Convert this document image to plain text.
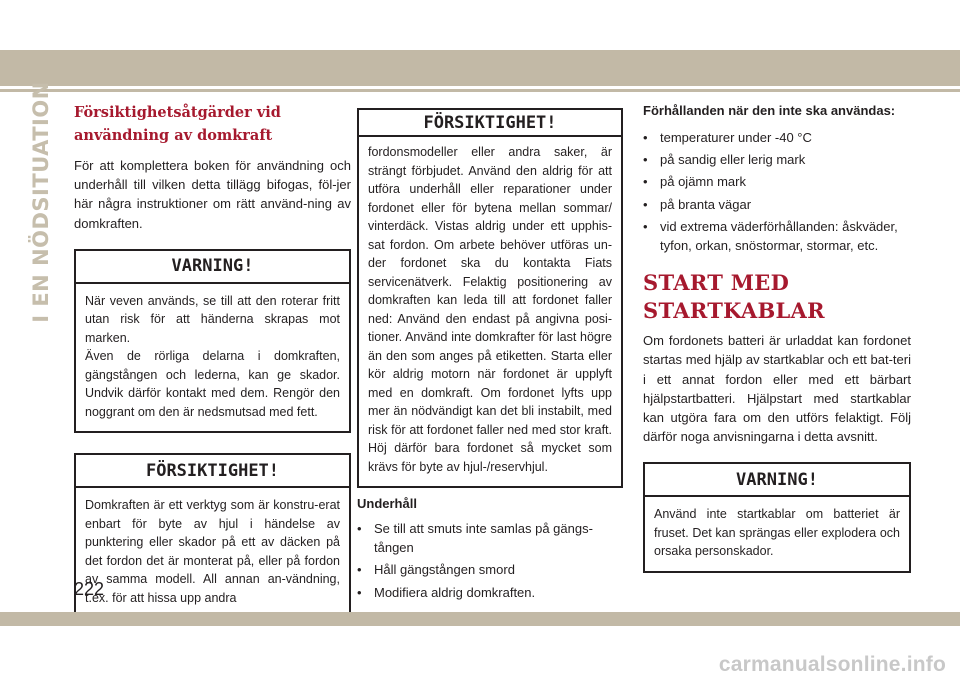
I EN NÖDSITUATION Försiktighetsåtgärder vid användning av domkraft
För att komplettera boken för användning och underhåll till vilken detta tillägg bifogas, föl-jer här några instruktioner om rätt använd-ning av domkraften.
VARNING!

När veven används, se till att den roterar fritt utan risk för att händerna skrapas mot marken.

Även de rörliga delarna i domkraften, gängstången och lederna, kan ge skador. Undvik därför kontakt med dem. Rengör den noggrant om den är nedsmutsad med fett.

FÖRSIKTIGHET!
Domkraften är ett verktyg som är konstru-erat enbart för byte av hjul i händelse av punktering eller skador på ett av däcken på det fordon det är monterat på, eller på fordon av samma modell. All annan an-vändning, t.ex. för att hissa upp andra
FÖRSIKTIGHET!
fordonsmodeller eller andra saker, är strängt förbjudet. Använd den aldrig för att utföra underhåll eller reparationer under fordonet eller för bytena mellan sommar/ vinterdäck. Vistas aldrig under ett upphis-sat fordon. Om arbete behöver utföras un-der fordonet ska du kontakta Fiats servicenätverk. Felaktig positionering av domkraften kan leda till att fordonet faller ned: Använd den endast på angivna posi-tioner. Använd inte domkrafter för last högre än den som anges på etiketten. Starta eller kör aldrig motorn när fordonet är upplyft med en domkraft. Om fordonet lyfts upp mer än nödvändigt kan det bli instabilt, med risk för att fordonet faller ned med stor kraft. Höj därför bara fordonet så mycket som krävs för byte av hjul-/reservhjul.
Underhåll
• Se till att smuts inte samlas på gängs-tången
• Håll gängstången smord
• Modifiera aldrig domkraften.
Förhållanden när den inte ska användas:
• temperaturer under -40 °C
• på sandig eller lerig mark
• på ojämn mark
• på branta vägar
• vid extrema väderförhållanden: åskväder, tyfon, orkan, snöstormar, stormar, etc.
START MED STARTKABLAR
Om fordonets batteri är urladdat kan fordonet startas med hjälp av startkablar och ett bat-teri i ett annat fordon eller med ett bärbart hjälpstartbatteri. Hjälpstart med startkablar kan utgöra fara om den utförs felaktigt. Följ därför noga anvisningarna i detta avsnitt.
VARNING!
Använd inte startkablar om batteriet är fruset. Det kan sprängas eller explodera och orsaka personskador.
222
carmanualsonline.info
